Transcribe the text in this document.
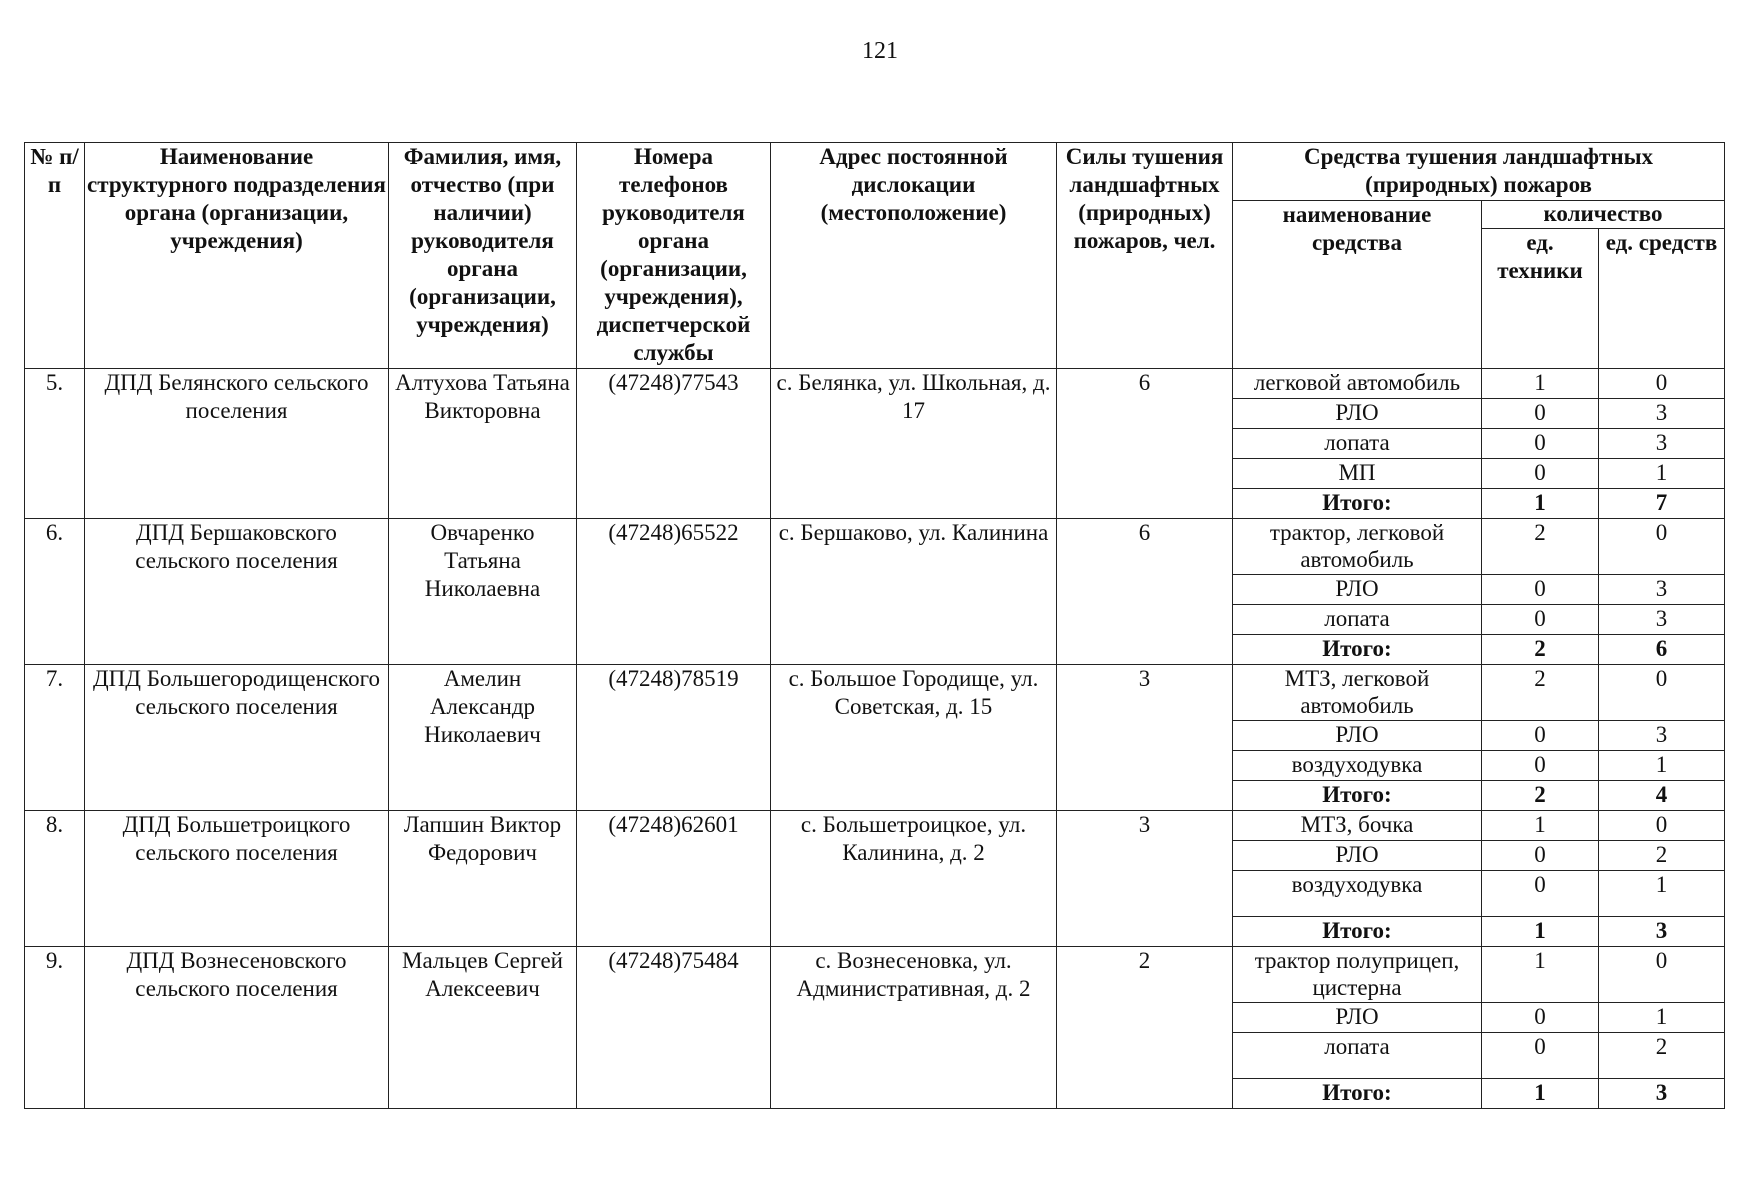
121
№ п/п	Наименование структурного подразделения органа (организации, учреждения)	Фамилия, имя, отчество (при наличии) руководителя органа (организации, учреждения)	Номера телефонов руководителя органа (организации, учреждения), диспетчерской службы	Адрес постоянной дислокации (местоположение)	Силы тушения ландшафтных (природных) пожаров, чел.	Средства тушения ландшафтных (природных) пожаров		
						наименование средства	количество	
							ед. техники	ед. средств
5.	ДПД Белянского сельского поселения	Алтухова Татьяна Викторовна	(47248)77543	с. Белянка, ул. Школьная, д. 17	6	легковой автомобиль	1	0
						РЛО	0	3
						лопата	0	3
						МП	0	1
						Итого:	1	7
6.	ДПД Бершаковского сельского поселения	Овчаренко Татьяна Николаевна	(47248)65522	с. Бершаково, ул. Калинина	6	трактор, легковой автомобиль	2	0
						РЛО	0	3
						лопата	0	3
						Итого:	2	6
7.	ДПД Большегородищенского сельского поселения	Амелин Александр Николаевич	(47248)78519	с. Большое Городище, ул. Советская, д. 15	3	МТЗ, легковой автомобиль	2	0
						РЛО	0	3
						воздуходувка	0	1
						Итого:	2	4
8.	ДПД Большетроицкого сельского поселения	Лапшин Виктор Федорович	(47248)62601	с. Большетроицкое, ул. Калинина, д. 2	3	МТЗ, бочка	1	0
						РЛО	0	2
						воздуходувка	0	1
						Итого:	1	3
9.	ДПД Вознесеновского сельского поселения	Мальцев Сергей Алексеевич	(47248)75484	с. Вознесеновка, ул. Административная, д. 2	2	трактор полуприцеп, цистерна	1	0
						РЛО	0	1
						лопата	0	2
						Итого:	1	3
